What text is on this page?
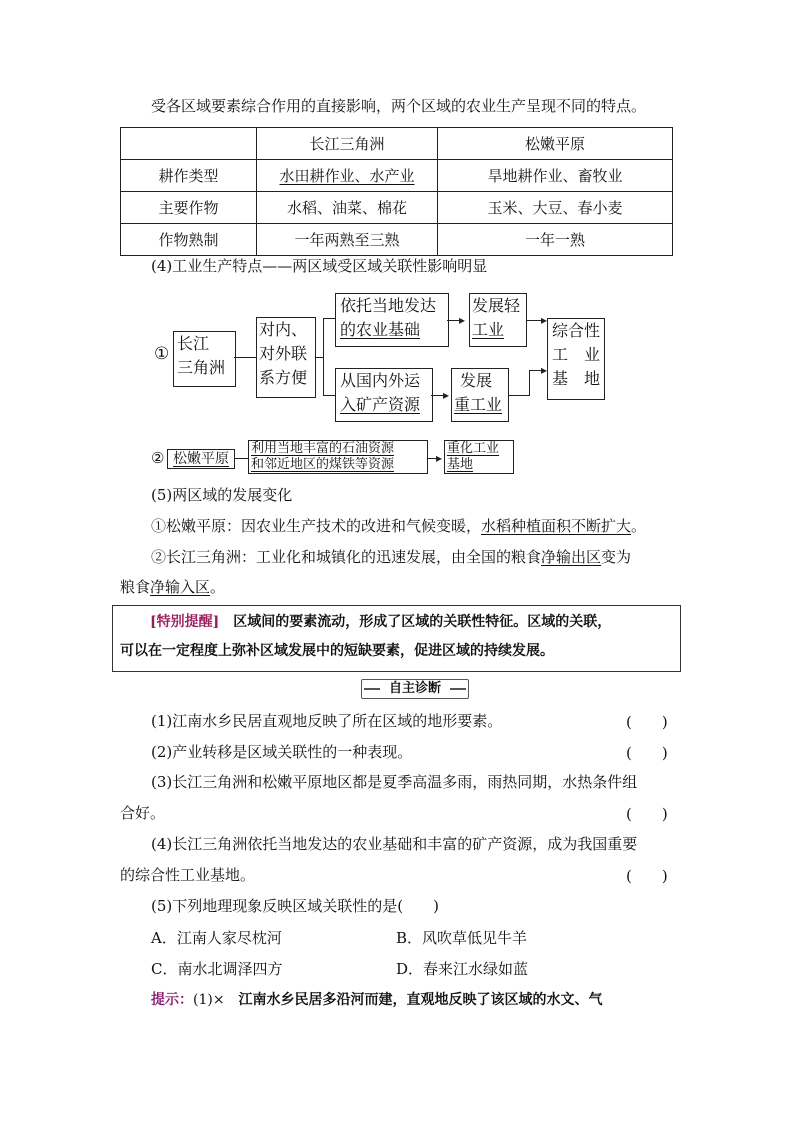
受各区域要素综合作用的直接影响，两个区域的农业生产呈现不同的特点。
	长江三角洲	松嫩平原
耕作类型	水田耕作业、水产业	旱地耕作业、畜牧业
主要作物	水稻、油菜、棉花	玉米、大豆、春小麦
作物熟制	一年两熟至三熟	一年一熟
(4)工业生产特点——两区域受区域关联性影响明显
①
长江
三角洲
对内、
对外联
系方便
依托当地发达
的农业基础	▸
发展轻
工业
从国内外运
入矿产资源	▸
发展
重工业
▸
▸
综合性
工　业
基　地
② 松嫩平原
利用当地丰富的石油资源
和邻近地区的煤铁等资源	▸
重化工业
基地
(5)两区域的发展变化
①松嫩平原：因农业生产技术的改进和气候变暖，水稻种植面积不断扩大。
②长江三角洲：工业化和城镇化的迅速发展，由全国的粮食净输出区变为
粮食净输入区。
[特别提醒]　区域间的要素流动，形成了区域的关联性特征。区域的关联，
可以在一定程度上弥补区域发展中的短缺要素，促进区域的持续发展。
自主诊断
(1)江南水乡民居直观地反映了所在区域的地形要素。	(　　)
(2)产业转移是区域关联性的一种表现。	(　　)
(3)长江三角洲和松嫩平原地区都是夏季高温多雨，雨热同期，水热条件组
合好。	(　　)
(4)长江三角洲依托当地发达的农业基础和丰富的矿产资源，成为我国重要
的综合性工业基地。	(　　)
(5)下列地理现象反映区域关联性的是(　　)
A．江南人家尽枕河	B．风吹草低见牛羊
C．南水北调泽四方	D．春来江水绿如蓝
提示：(1)×　江南水乡民居多沿河而建，直观地反映了该区域的水文、气
